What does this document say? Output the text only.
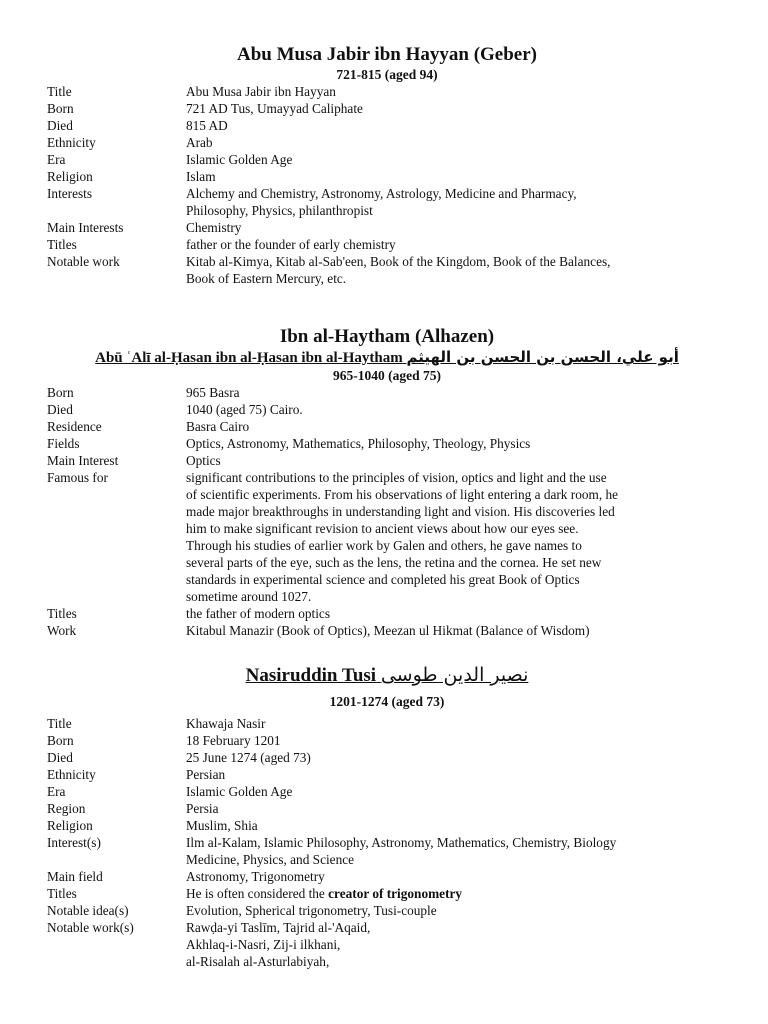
Abu Musa Jabir ibn Hayyan (Geber)
721-815 (aged 94)
Title	Abu Musa Jabir ibn Hayyan
Born	721 AD Tus, Umayyad Caliphate
Died	815 AD
Ethnicity	Arab
Era	Islamic Golden Age
Religion	Islam
Interests	Alchemy and Chemistry, Astronomy, Astrology, Medicine and Pharmacy,
Philosophy, Physics, philanthropist
Main Interests	Chemistry
Titles	father or the founder of early chemistry
Notable work	Kitab al-Kimya, Kitab al-Sab'een, Book of the Kingdom, Book of the Balances,
Book of Eastern Mercury, etc.
Ibn al-Haytham (Alhazen)
Abū ʿAlī al-Ḥasan ibn al-Ḥasan ibn al-Haytham أبو علي، الحسن بن الحسن بن الهيثم
965-1040 (aged 75)
Born	965 Basra
Died	1040 (aged 75) Cairo.
Residence	Basra Cairo
Fields	Optics, Astronomy, Mathematics, Philosophy, Theology, Physics
Main Interest	Optics
Famous for	significant contributions to the principles of vision, optics and light and the use
of scientific experiments. From his observations of light entering a dark room, he
made major breakthroughs in understanding light and vision. His discoveries led
him to make significant revision to ancient views about how our eyes see.
Through his studies of earlier work by Galen and others, he gave names to
several parts of the eye, such as the lens, the retina and the cornea. He set new
standards in experimental science and completed his great Book of Optics
sometime around 1027.
Titles	the father of modern optics
Work	Kitabul Manazir (Book of Optics), Meezan ul Hikmat (Balance of Wisdom)
Nasiruddin Tusi نصير الدين طوسی
1201-1274 (aged 73)
Title	Khawaja Nasir
Born	18 February 1201
Died	25 June 1274 (aged 73)
Ethnicity	Persian
Era	Islamic Golden Age
Region	Persia
Religion	Muslim, Shia
Interest(s)	Ilm al-Kalam, Islamic Philosophy, Astronomy, Mathematics, Chemistry, Biology
Medicine, Physics, and Science
Main field	Astronomy, Trigonometry
Titles	He is often considered the creator of trigonometry
Notable idea(s)	Evolution, Spherical trigonometry, Tusi-couple
Notable work(s)	Rawḍa-yi Taslīm, Tajrid al-'Aqaid,
Akhlaq-i-Nasri, Zij-i ilkhani,
al-Risalah al-Asturlabiyah,
